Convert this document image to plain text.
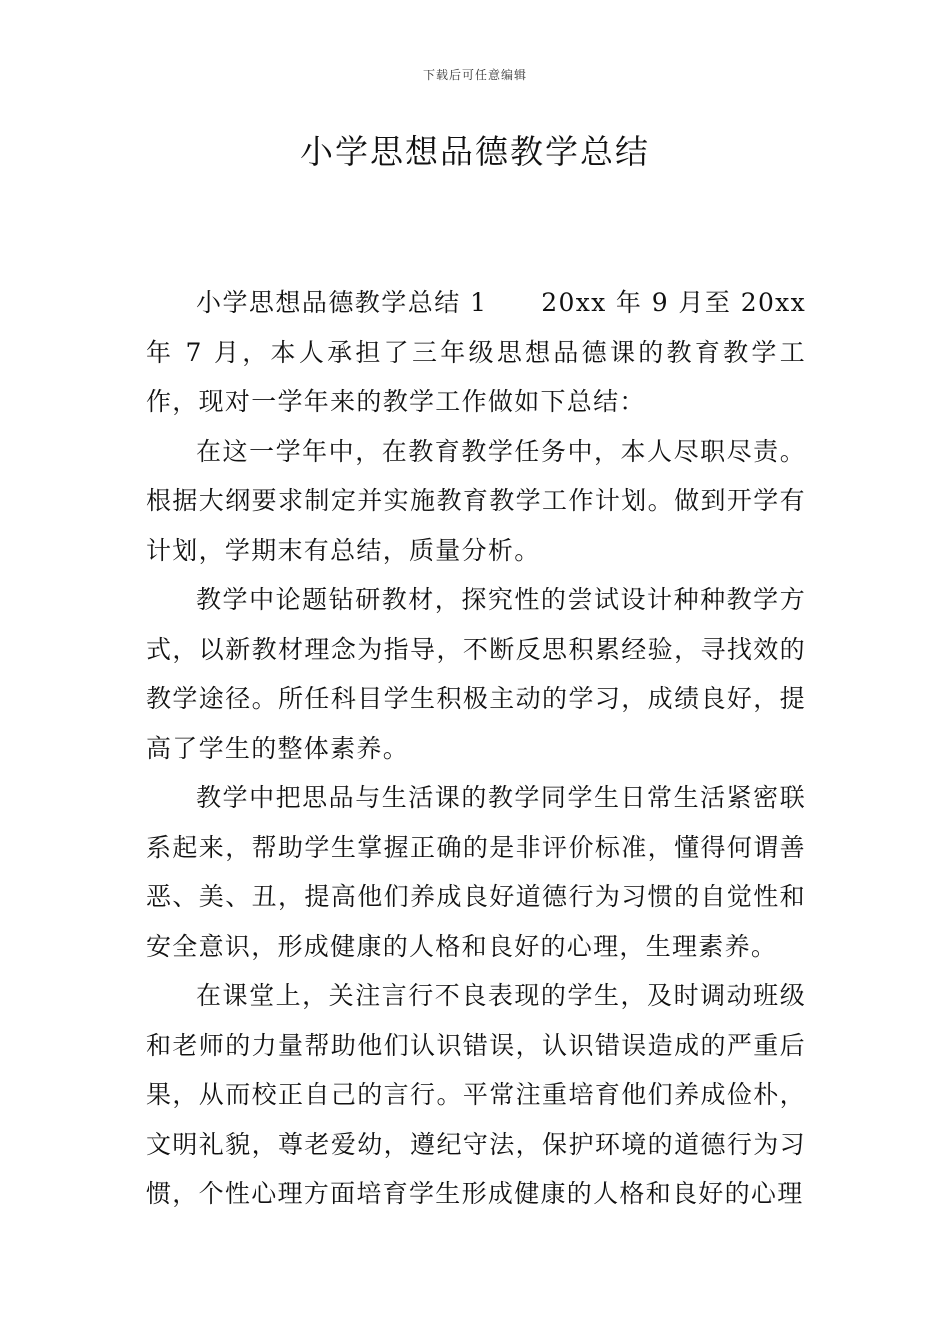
下载后可任意编辑
小学思想品德教学总结

小学思想品德教学总结 1 20xx 年 9 月至 20xx 年 7 月，本人承担了三年级思想品德课的教育教学工作，现对一学年来的教学工作做如下总结：

在这一学年中，在教育教学任务中，本人尽职尽责。根据大纲要求制定并实施教育教学工作计划。做到开学有计划，学期末有总结，质量分析。

教学中论题钻研教材，探究性的尝试设计种种教学方式，以新教材理念为指导，不断反思积累经验，寻找效的教学途径。所任科目学生积极主动的学习，成绩良好，提高了学生的整体素养。

教学中把思品与生活课的教学同学生日常生活紧密联系起来，帮助学生掌握正确的是非评价标准，懂得何谓善恶、美、丑，提高他们养成良好道德行为习惯的自觉性和安全意识，形成健康的人格和良好的心理，生理素养。

在课堂上，关注言行不良表现的学生，及时调动班级和老师的力量帮助他们认识错误，认识错误造成的严重后果，从而校正自己的言行。平常注重培育他们养成俭朴，文明礼貌，尊老爱幼，遵纪守法，保护环境的道德行为习惯，个性心理方面培育学生形成健康的人格和良好的心理
